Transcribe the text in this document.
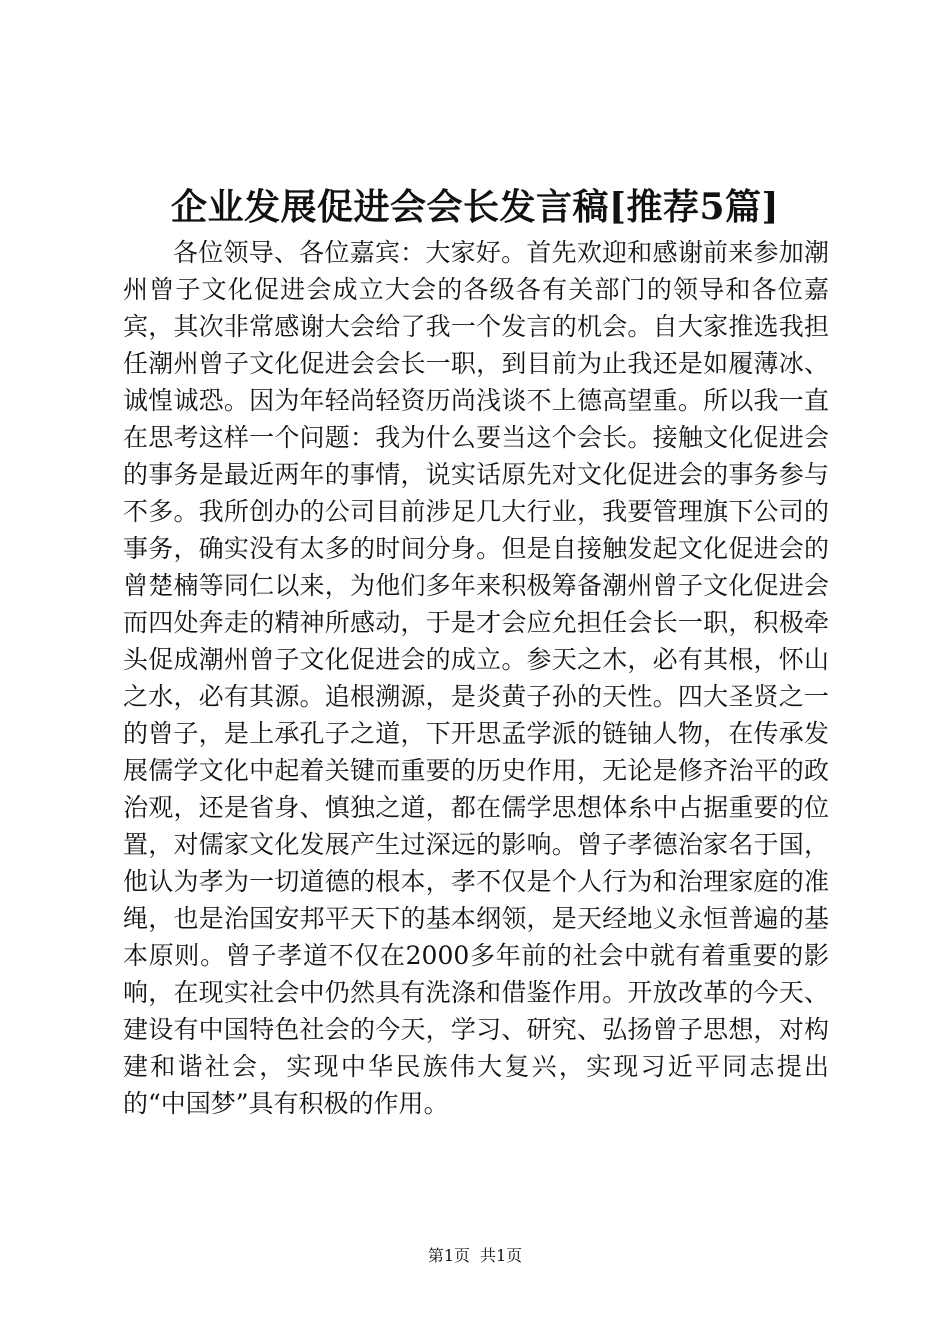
企业发展促进会会长发言稿[推荐5篇]

各位领导、各位嘉宾：大家好。首先欢迎和感谢前来参加潮州曾子文化促进会成立大会的各级各有关部门的领导和各位嘉宾，其次非常感谢大会给了我一个发言的机会。自大家推选我担任潮州曾子文化促进会会长一职，到目前为止我还是如履薄冰、诚惶诚恐。因为年轻尚轻资历尚浅谈不上德高望重。所以我一直在思考这样一个问题：我为什么要当这个会长。接触文化促进会的事务是最近两年的事情，说实话原先对文化促进会的事务参与不多。我所创办的公司目前涉足几大行业，我要管理旗下公司的事务，确实没有太多的时间分身。但是自接触发起文化促进会的曾楚楠等同仁以来，为他们多年来积极筹备潮州曾子文化促进会而四处奔走的精神所感动，于是才会应允担任会长一职，积极牵头促成潮州曾子文化促进会的成立。参天之木，必有其根，怀山之水，必有其源。追根溯源，是炎黄子孙的天性。四大圣贤之一的曾子，是上承孔子之道，下开思孟学派的链铀人物，在传承发展儒学文化中起着关键而重要的历史作用，无论是修齐治平的政治观，还是省身、慎独之道，都在儒学思想体糸中占据重要的位置，对儒家文化发展产生过深远的影响。曾子孝德治家名于国，他认为孝为一切道德的根本，孝不仅是个人行为和治理家庭的准绳，也是治国安邦平天下的基本纲领，是天经地义永恒普遍的基本原则。曾子孝道不仅在2000多年前的社会中就有着重要的影响，在现实社会中仍然具有洗涤和借鉴作用。开放改革的今天、建设有中国特色社会的今天，学习、研究、弘扬曾子思想，对构建和谐社会，实现中华民族伟大复兴，实现习近平同志提出的“中国梦”具有积极的作用。

第1页 共1页
